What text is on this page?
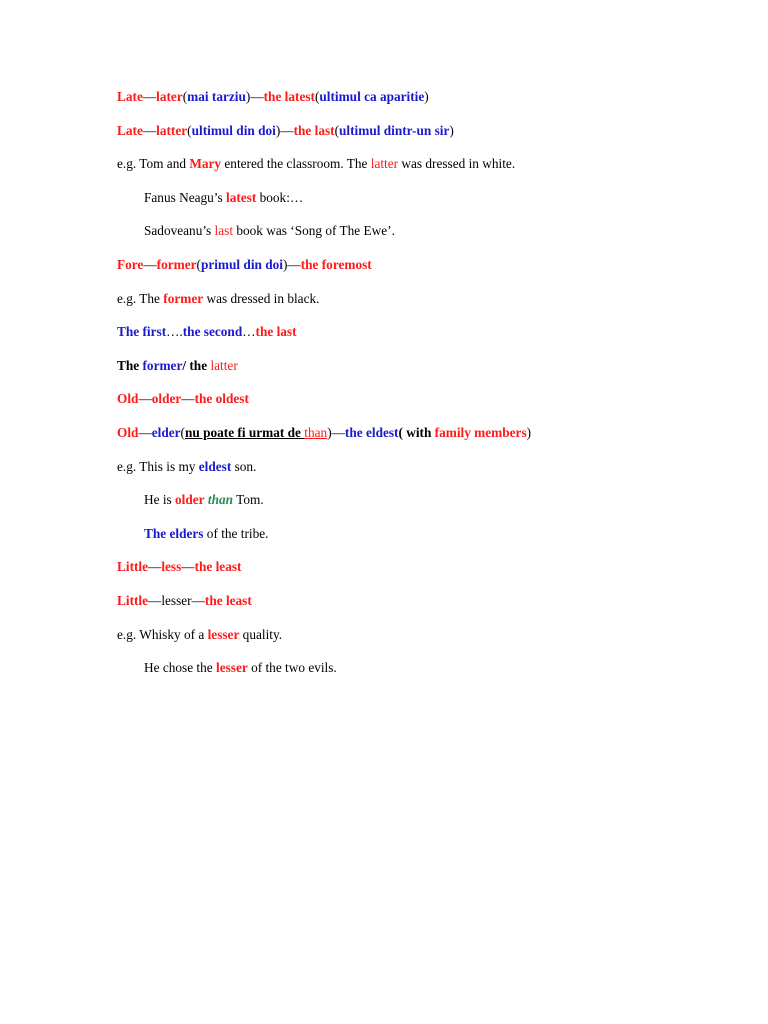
Late—later(mai tarziu)—the latest(ultimul ca aparitie)
Late—latter(ultimul din doi)—the last(ultimul dintr-un sir)
e.g. Tom and Mary entered the classroom. The latter was dressed in white.
Fanus Neagu’s latest book:…
Sadoveanu’s last book was ‘Song of The Ewe’.
Fore—former(primul din doi)—the foremost
e.g. The former was dressed in black.
The first….the second…the last
The former/ the latter
Old—older—the oldest
Old—elder(nu poate fi urmat de than)—the eldest( with family members)
e.g. This is my eldest son.
He is older than Tom.
The elders of the tribe.
Little—less—the least
Little—lesser—the least
e.g. Whisky of a lesser quality.
He chose the lesser of the two evils.
